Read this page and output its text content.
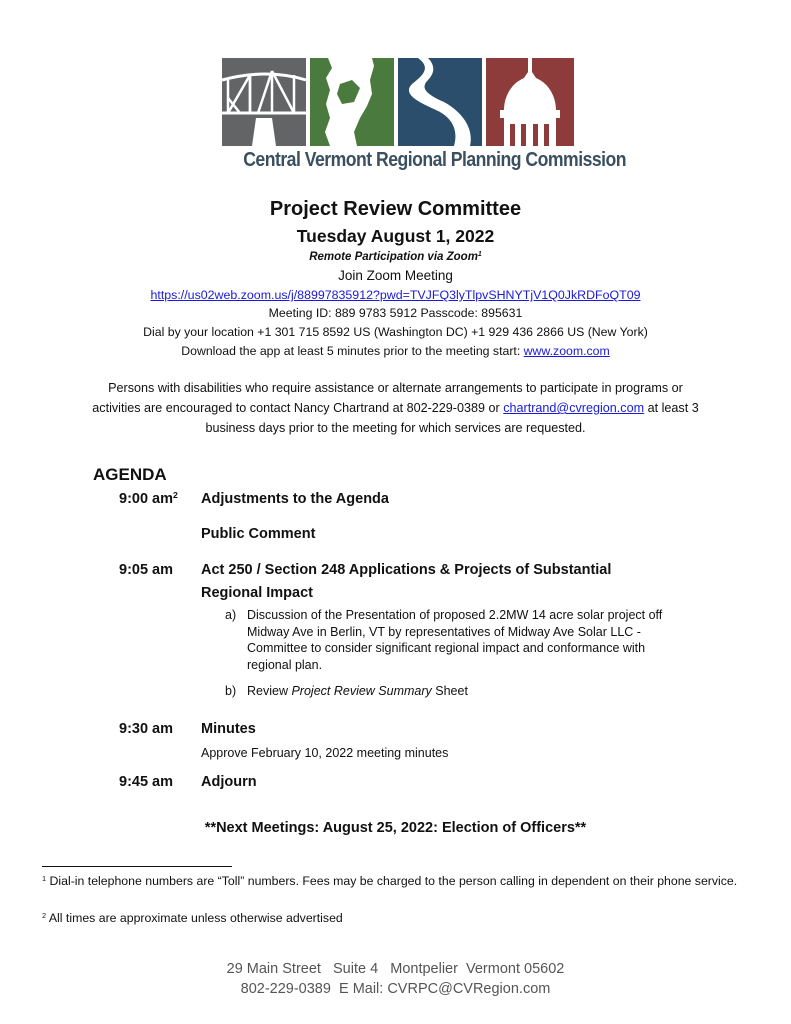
Central Vermont Regional Planning Commission
Project Review Committee
Tuesday August 1, 2022
Remote Participation via Zoom$^1$
Join Zoom Meeting
https://us02web.zoom.us/j/88997835912?pwd=TVJFQ3lyTlpvSHNYTjV1Q0JkRDFoQT09
Meeting ID: 889 9783 5912 Passcode: 895631
Dial by your location +1 301 715 8592 US (Washington DC) +1 929 436 2866 US (New York)
Download the app at least 5 minutes prior to the meeting start: www.zoom.com
Persons with disabilities who require assistance or alternate arrangements to participate in programs or
activities are encouraged to contact Nancy Chartrand at 802-229-0389 or chartrand@cvregion.com at least 3
business days prior to the meeting for which services are requested.
AGENDA
9:00 $am^2$ Adjustments to the Agenda
Public Comment
9:05 am Act 250 / Section 248 Applications & Projects of Substantial
Regional Impact
a) Discussion of the Presentation of proposed 2.2MW 14 acre solar project off Midway Ave in Berlin, VT by representatives of Midway Ave Solar LLC - Committee to consider significant regional impact and conformance with regional plan.
b) Review Project Review Summary Sheet
9:30 am Minutes
Approve February 10, 2022 meeting minutes
9:45 am Adjourn
**Next Meetings: August 25, 2022: Election of Officers**
$^1$ Dial-in telephone numbers are “Toll” numbers. Fees may be charged to the person calling in dependent on their phone service.
$^2$ All times are approximate unless otherwise advertised
29 Main Street   Suite 4   Montpelier  Vermont 05602
802-229-0389  E Mail: CVRPC@CVRegion.com
